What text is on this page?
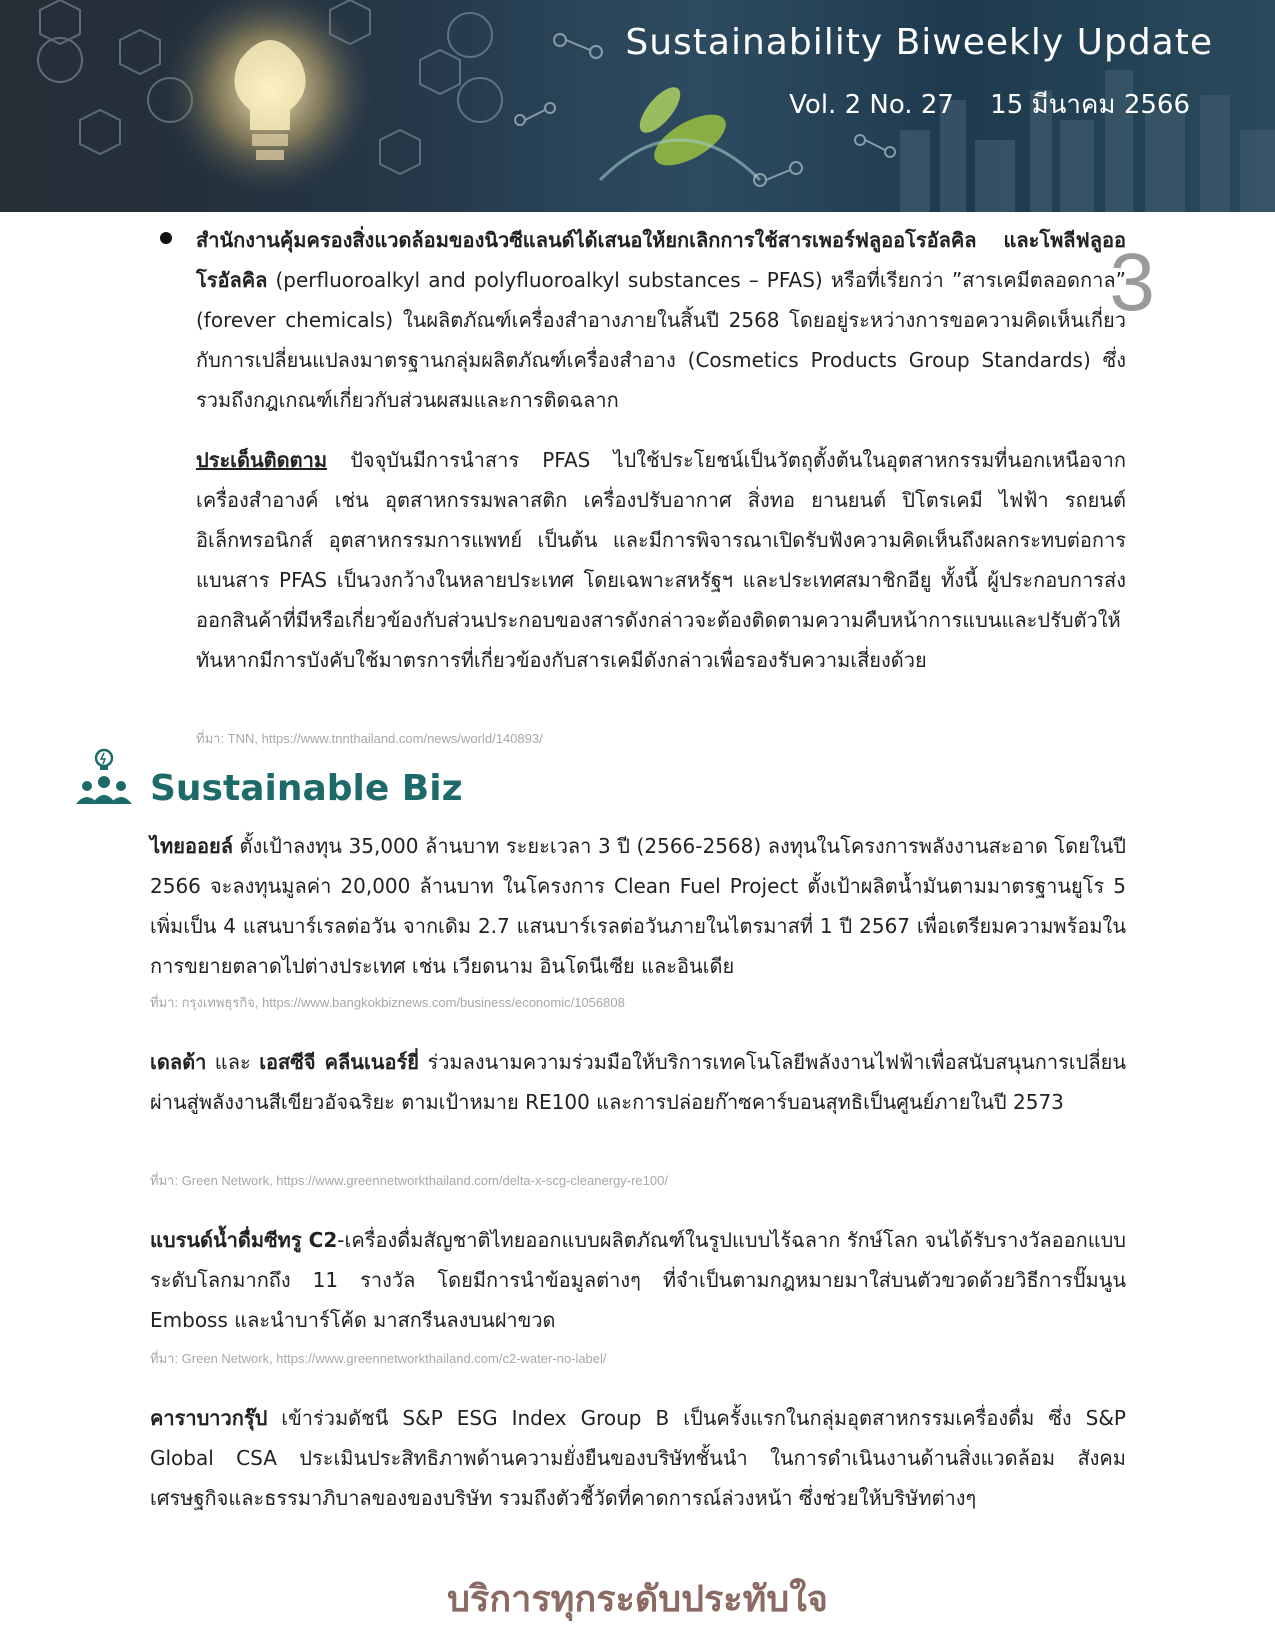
Sustainability Biweekly Update
Vol. 2 No. 27 15 มีนาคม 2566
3
สำนักงานคุ้มครองสิ่งแวดล้อมของนิวซีแลนด์ได้เสนอให้ยกเลิกการใช้สารเพอร์ฟลูออโรอัลคิล และโพลีฟลูออโรอัลคิล (perfluoroalkyl and polyfluoroalkyl substances – PFAS) หรือที่เรียกว่า ”สารเคมีตลอดกาล” (forever chemicals) ในผลิตภัณฑ์เครื่องสำอางภายในสิ้นปี 2568 โดยอยู่ระหว่างการขอความคิดเห็นเกี่ยวกับการเปลี่ยนแปลงมาตรฐานกลุ่มผลิตภัณฑ์เครื่องสำอาง (Cosmetics Products Group Standards) ซึ่งรวมถึงกฎเกณฑ์เกี่ยวกับส่วนผสมและการติดฉลาก
ประเด็นติดตาม ปัจจุบันมีการนำสาร PFAS ไปใช้ประโยชน์เป็นวัตถุตั้งต้นในอุตสาหกรรมที่นอกเหนือจากเครื่องสำอางค์ เช่น อุตสาหกรรมพลาสติก เครื่องปรับอากาศ สิ่งทอ ยานยนต์ ปิโตรเคมี ไฟฟ้า รถยนต์ อิเล็กทรอนิกส์ อุตสาหกรรมการแพทย์ เป็นต้น และมีการพิจารณาเปิดรับฟังความคิดเห็นถึงผลกระทบต่อการแบนสาร PFAS เป็นวงกว้างในหลายประเทศ โดยเฉพาะสหรัฐฯ และประเทศสมาชิกอียู ทั้งนี้ ผู้ประกอบการส่งออกสินค้าที่มีหรือเกี่ยวข้องกับส่วนประกอบของสารดังกล่าวจะต้องติดตามความคืบหน้าการแบนและปรับตัวให้ทันหากมีการบังคับใช้มาตรการที่เกี่ยวข้องกับสารเคมีดังกล่าวเพื่อรองรับความเสี่ยงด้วย
ที่มา: TNN, https://www.tnnthailand.com/news/world/140893/
Sustainable Biz
ไทยออยล์ ตั้งเป้าลงทุน 35,000 ล้านบาท ระยะเวลา 3 ปี (2566-2568) ลงทุนในโครงการพลังงานสะอาด โดยในปี 2566 จะลงทุนมูลค่า 20,000 ล้านบาท ในโครงการ Clean Fuel Project ตั้งเป้าผลิตน้ำมันตามมาตรฐานยูโร 5 เพิ่มเป็น 4 แสนบาร์เรลต่อวัน จากเดิม 2.7 แสนบาร์เรลต่อวันภายในไตรมาสที่ 1 ปี 2567 เพื่อเตรียมความพร้อมในการขยายตลาดไปต่างประเทศ เช่น เวียดนาม อินโดนีเซีย และอินเดีย
ที่มา: กรุงเทพธุรกิจ, https://www.bangkokbiznews.com/business/economic/1056808
เดลต้า และ เอสซีจี คลีนเนอร์ยี่ ร่วมลงนามความร่วมมือให้บริการเทคโนโลยีพลังงานไฟฟ้าเพื่อสนับสนุนการเปลี่ยนผ่านสู่พลังงานสีเขียวอัจฉริยะ ตามเป้าหมาย RE100 และการปล่อยก๊าซคาร์บอนสุทธิเป็นศูนย์ภายในปี 2573
ที่มา: Green Network, https://www.greennetworkthailand.com/delta-x-scg-cleanergy-re100/
แบรนด์น้ำดื่มซีทรู C2-เครื่องดื่มสัญชาติไทยออกแบบผลิตภัณฑ์ในรูปแบบไร้ฉลาก รักษ์โลก จนได้รับรางวัลออกแบบระดับโลกมากถึง 11 รางวัล โดยมีการนำข้อมูลต่างๆ ที่จำเป็นตามกฎหมายมาใส่บนตัวขวดด้วยวิธีการปั๊มนูน Emboss และนำบาร์โค้ด มาสกรีนลงบนฝาขวด
ที่มา: Green Network, https://www.greennetworkthailand.com/c2-water-no-label/
คาราบาวกรุ๊ป เข้าร่วมดัชนี S&P ESG Index Group B เป็นครั้งแรกในกลุ่มอุตสาหกรรมเครื่องดื่ม ซึ่ง S&P Global CSA ประเมินประสิทธิภาพด้านความยั่งยืนของบริษัทชั้นนำ ในการดำเนินงานด้านสิ่งแวดล้อม สังคม เศรษฐกิจและธรรมาภิบาลของของบริษัท รวมถึงตัวชี้วัดที่คาดการณ์ล่วงหน้า ซึ่งช่วยให้บริษัทต่างๆ
บริการทุกระดับประทับใจ
